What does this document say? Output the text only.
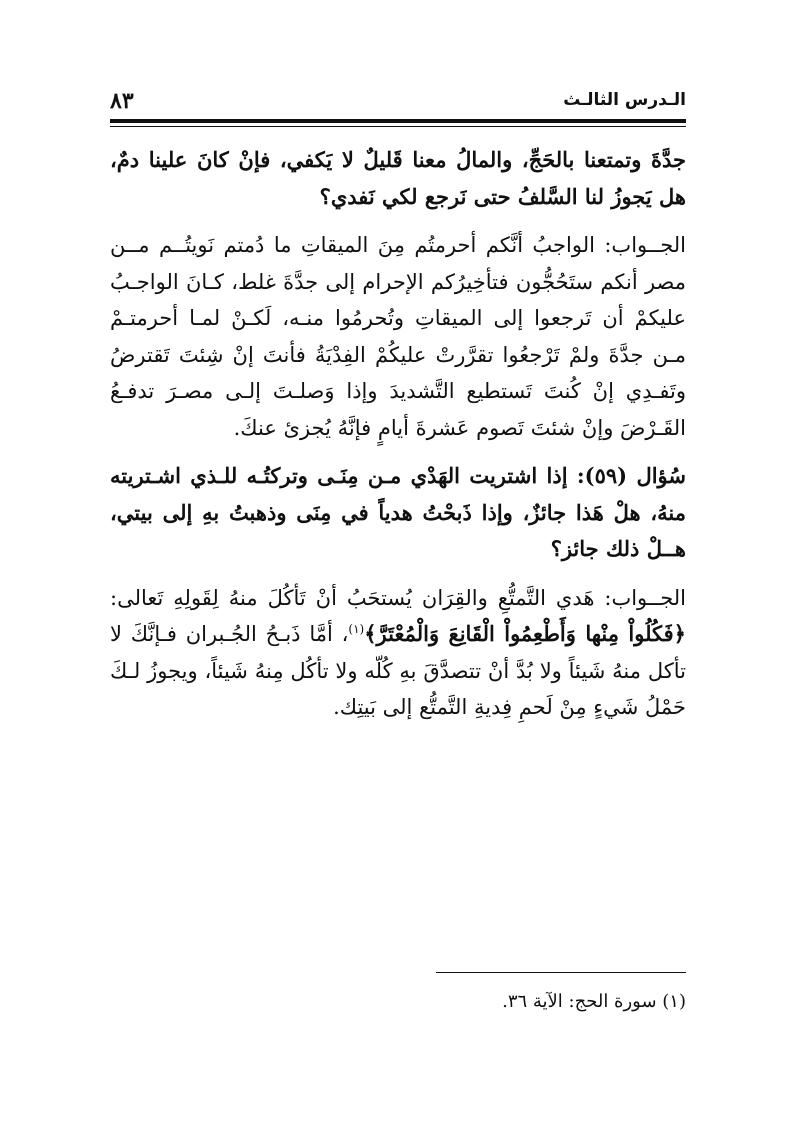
الـدرس الثالـث
٨٣

جدَّةَ وتمتعنا بالحَجِّ، والمالُ معنا قَليلٌ لا يَكفي، فإنْ كانَ علينا دمٌ، هل يَجوزُ لنا السَّلفُ حتى نَرجع لكي نَفدي؟

الجــواب: الواجبُ أنَّكم أحرمتُم مِنَ الميقاتِ ما دُمتم نَويتُــم مــن مصر أنكم ستَحُجُّون فتأخِيرُكم الإحرام إلى جدَّةَ غلط، كـانَ الواجـبُ عليكمْ أن تَرجعوا إلى الميقاتِ وتُحرمُوا منـه، لَكـنْ لمـا أحرمتـمْ مـن جدَّةَ ولمْ تَرْجعُوا تقرَّرتْ عليكُمْ الفِدْيَةُ فأنتَ إنْ شِئتَ تَقترضُ وتَفـدِي إنْ كُنتَ تَستطيع التَّشديدَ وإذا وَصلـتَ إلـى مصـرَ تدفـعُ القَـرْضَ وإنْ شئتَ تَصوم عَشرةَ أيامٍ فإنَّهُ يُجزئ عنكَ.

سُؤال (٥٩): إذا اشتريت الهَدْي مـن مِنَـى وتركتُـه للـذي اشـتريته منهُ، هلْ هَذا جائزٌ، وإذا ذَبحْتُ هدياً في مِنَى وذهبتُ بهِ إلى بيتي، هــلْ ذلك جائز؟

الجــواب: هَدي التَّمتُّعِ والقِرَان يُستحَبُ أنْ تَأكُلَ منهُ لِقَولِهِ تَعالى: ﴿فَكُلُواْ مِنْها وَأَطْعِمُواْ الْقَانِعَ وَالْمُعْتَرَّ﴾$^{(١)}$، أمَّا ذَبـحُ الجُـبران فـإنَّكَ لا تأكل منهُ شَيئاً ولا بُدَّ أنْ تتصدَّقَ بهِ كُلّه ولا تأكُل مِنهُ شَيئاً، ويجوزُ لـكَ حَمْلُ شَيءٍ مِنْ لَحمِ فِديةِ التَّمتُّع إلى بَيتِك.

(١) سورة الحج: الآية ٣٦.
